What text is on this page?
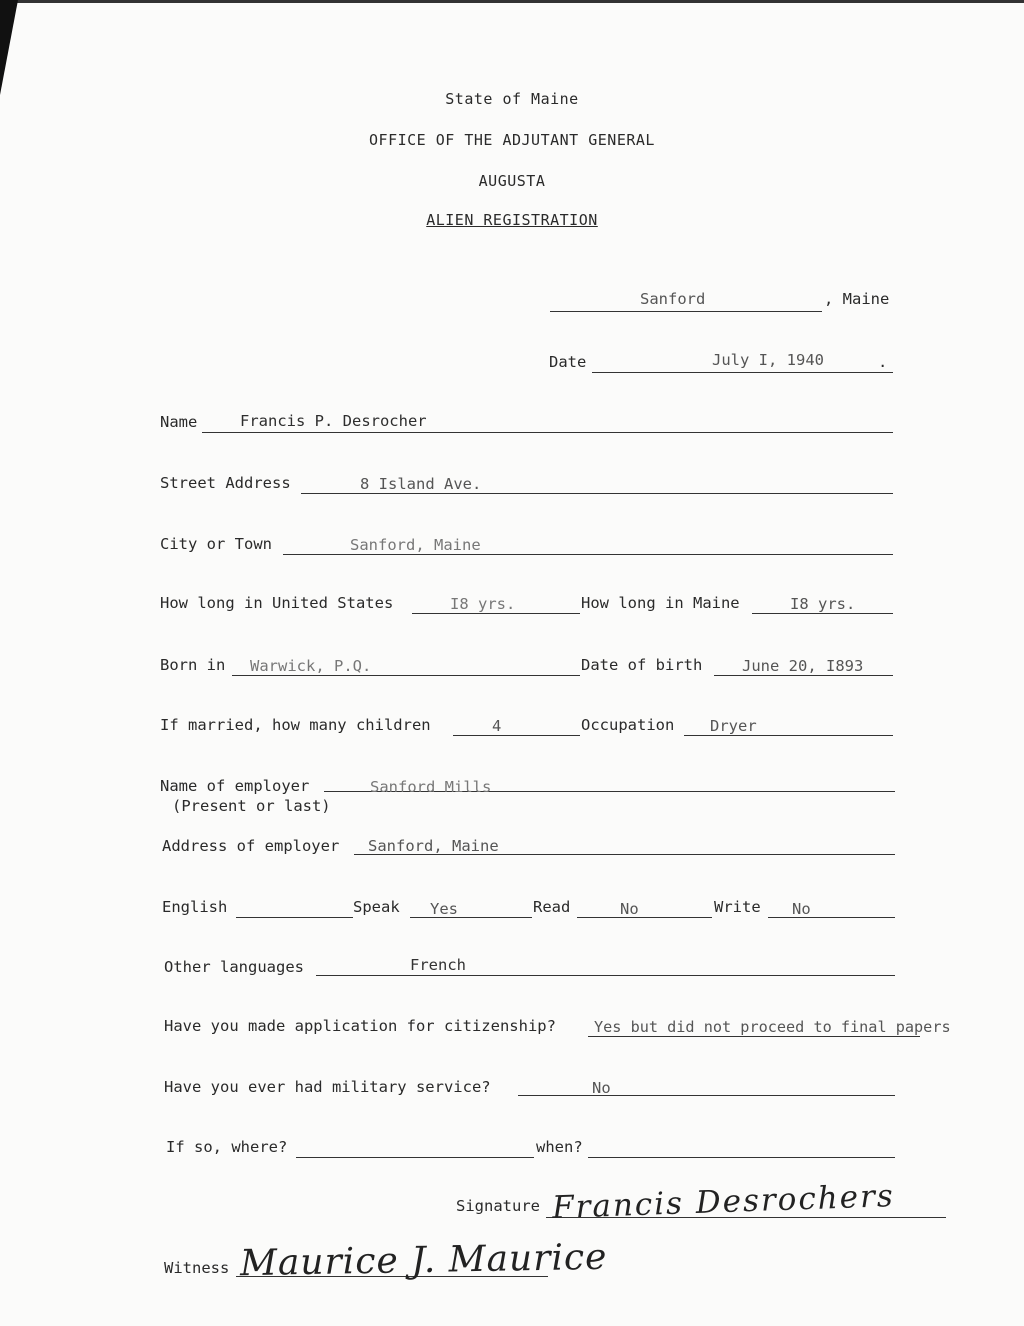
State of Maine
OFFICE OF THE ADJUTANT GENERAL
AUGUSTA
ALIEN REGISTRATION
Sanford	, Maine
Date	July I, 1940	.
Name	Francis P. Desrocher
Street Address	8 Island Ave.
City or Town	Sanford, Maine
How long in United States	I8 yrs.	How long in Maine	I8 yrs.
Born in Warwick, P.Q.	Date of birth	June 20, I893
If married, how many children	4	Occupation Dryer
Name of employer
(Present or last)
Sanford Mills
Address of employer Sanford, Maine
English	Speak Yes	Read	No	Write No
Other languages	French
Have you made application for citizenship?	Yes but did not proceed to final papers
Have you ever had military service?	No
If so, where?	when?
Signature Francis Desrochers
Witness Maurice J. Maurice
